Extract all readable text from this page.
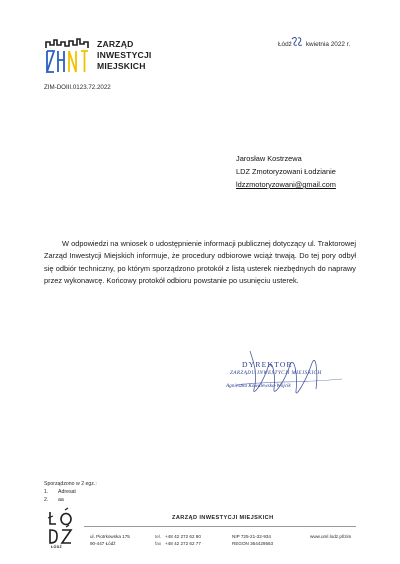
ZARZĄD
INWESTYCJI
MIEJSKICH
Łódź kwietnia 2022 r.
ZIM-DOIII.0123.72.2022
Jarosław Kostrzewa
LDZ Zmotoryzowani Łodzianie
ldzzmotoryzowani@gmail.com
W odpowiedzi na wniosek o udostępnienie informacji publicznej dotyczący ul. Traktorowej Zarząd Inwestycji Miejskich informuje, że procedury odbiorowe wciąż trwają. Do tej pory odbył się odbiór techniczny, po którym sporządzono protokół z listą usterek niezbędnych do naprawy przez wykonawcę. Końcowy protokół odbioru powstanie po usunięciu usterek.
DYREKTOR
ZARZĄDU INWESTYCJI MIEJSKICH
Agnieszka Kowalewska-Wójcik
Sporządzono w 2 egz.:
1. Adresat
2. aa
ŁÓDŹ
ZARZĄD INWESTYCJI MIEJSKICH
ul. Piotrkowska 175
90-447 Łódź
tel. +48 42 272 62 80
fax +48 42 272 62 77
NIP 725-21-32-934
REGON 364429563
www.uml.lodz.pl/zim
